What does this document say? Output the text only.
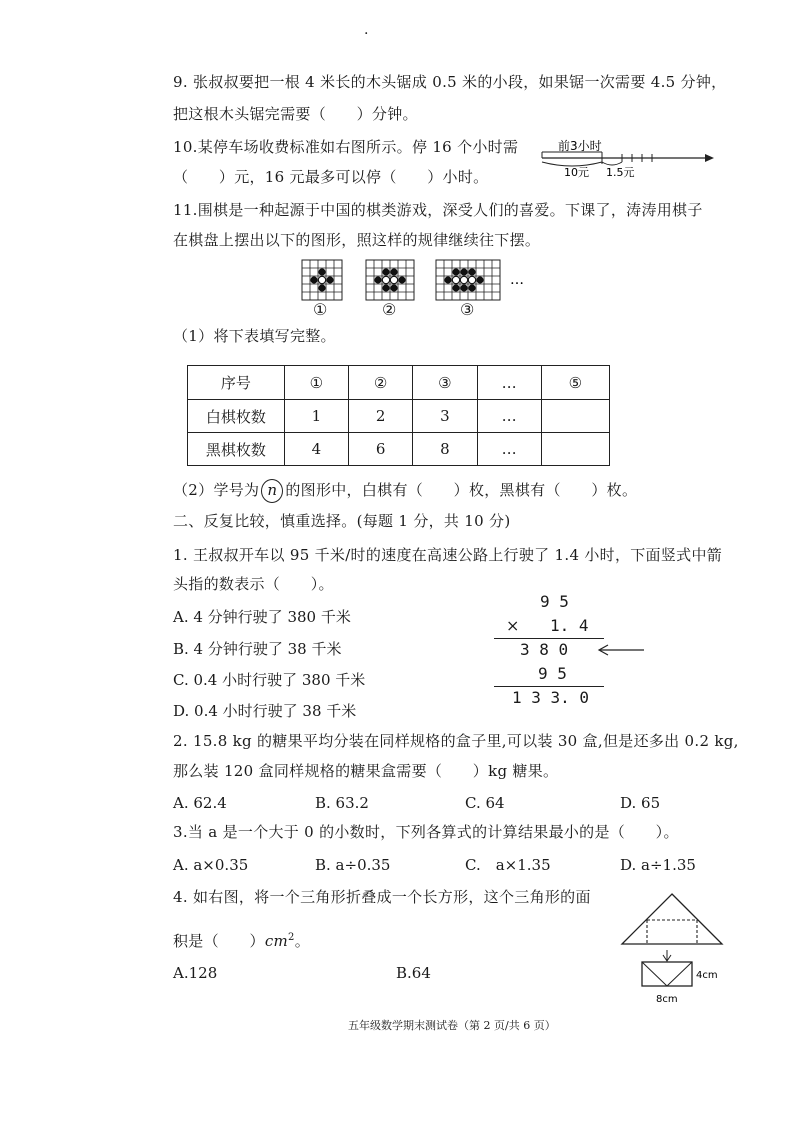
.
9. 张叔叔要把一根 4 米长的木头锯成 0.5 米的小段，如果锯一次需要 4.5 分钟，
把这根木头锯完需要（　　）分钟。
10.某停车场收费标准如右图所示。停 16 个小时需
（　　）元，16 元最多可以停（　　）小时。
前3小时
10元 1.5元
11.围棋是一种起源于中国的棋类游戏，深受人们的喜爱。下课了，涛涛用棋子
在棋盘上摆出以下的图形，照这样的规律继续往下摆。
…
①	②	③
（1）将下表填写完整。
序号	①	②	③	…	⑤
白棋枚数	1	2	3	…	
黑棋枚数	4	6	8	…	
（2）学号为 n 的图形中，白棋有（　　）枚，黑棋有（　　）枚。
二、反复比较，慎重选择。(每题 1 分，共 10 分)
1. 王叔叔开车以 95 千米/时的速度在高速公路上行驶了 1.4 小时，下面竖式中箭
头指的数表示（　　）。
A. 4 分钟行驶了 380 千米
B. 4 分钟行驶了 38 千米
C. 0.4 小时行驶了 380 千米
D. 0.4 小时行驶了 38 千米
9 5
× 1. 4
3 8 0
9 5
1 3 3. 0
2. 15.8 kg 的糖果平均分装在同样规格的盒子里,可以装 30 盒,但是还多出 0.2 kg,
那么装 120 盒同样规格的糖果盒需要（　　）kg 糖果。
A. 62.4	B. 63.2	C. 64	D. 65
3.当 a 是一个大于 0 的小数时，下列各算式的计算结果最小的是（　　）。
A. a×0.35	B. a÷0.35	C.　a×1.35	D. a÷1.35
4. 如右图，将一个三角形折叠成一个长方形，这个三角形的面
积是（　　）$cm^2$。
A.128	B.64	4cm
8cm
五年级数学期末测试卷（第 2 页/共 6 页）
